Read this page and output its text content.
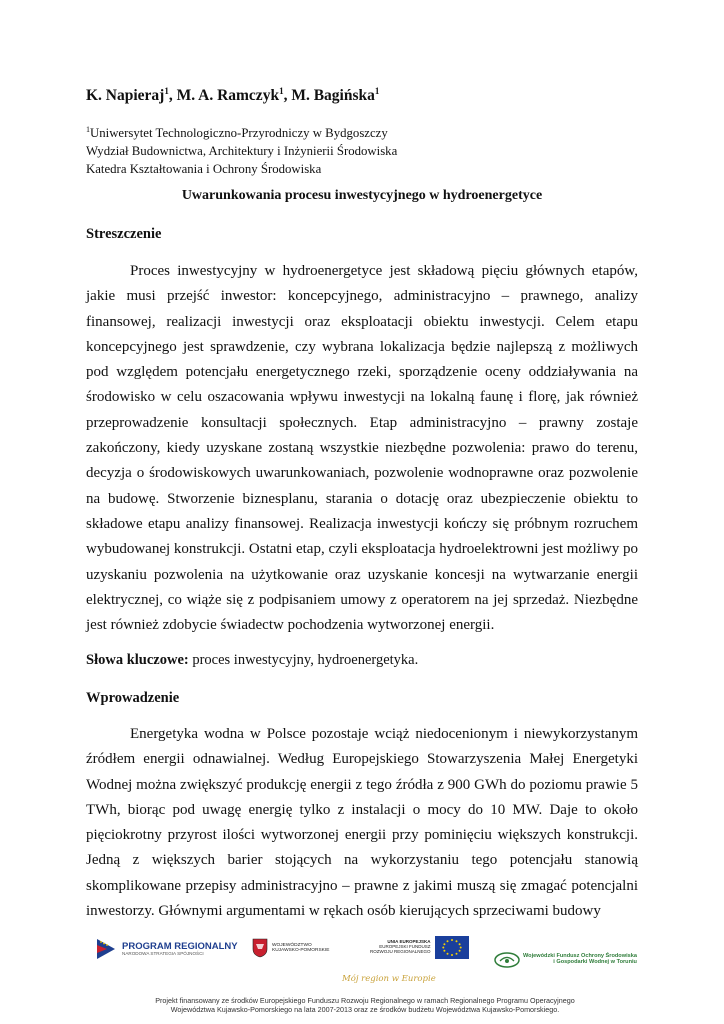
K. Napieraj$^1$, M. A. Ramczyk$^1$, M. Bagińska$^1$
$^1$Uniwersytet Technologiczno-Przyrodniczy w Bydgoszczy
Wydział Budownictwa, Architektury i Inżynierii Środowiska
Katedra Kształtowania i Ochrony Środowiska
Uwarunkowania procesu inwestycyjnego w hydroenergetyce
Streszczenie

Proces inwestycyjny w hydroenergetyce jest składową pięciu głównych etapów, jakie musi przejść inwestor: koncepcyjnego, administracyjno – prawnego, analizy finansowej, realizacji inwestycji oraz eksploatacji obiektu inwestycji. Celem etapu koncepcyjnego jest sprawdzenie, czy wybrana lokalizacja będzie najlepszą z możliwych pod względem potencjału energetycznego rzeki, sporządzenie oceny oddziaływania na środowisko w celu oszacowania wpływu inwestycji na lokalną faunę i florę, jak również przeprowadzenie konsultacji społecznych. Etap administracyjno – prawny zostaje zakończony, kiedy uzyskane zostaną wszystkie niezbędne pozwolenia: prawo do terenu, decyzja o środowiskowych uwarunkowaniach, pozwolenie wodnoprawne oraz pozwolenie na budowę. Stworzenie biznesplanu, starania o dotację oraz ubezpieczenie obiektu to składowe etapu analizy finansowej. Realizacja inwestycji kończy się próbnym rozruchem wybudowanej konstrukcji. Ostatni etap, czyli eksploatacja hydroelektrowni jest możliwy po uzyskaniu pozwolenia na użytkowanie oraz uzyskanie koncesji na wytwarzanie energii elektrycznej, co wiąże się z podpisaniem umowy z operatorem na jej sprzedaż. Niezbędne jest również zdobycie świadectw pochodzenia wytworzonej energii.

Słowa kluczowe: proces inwestycyjny, hydroenergetyka.
Wprowadzenie

Energetyka wodna w Polsce pozostaje wciąż niedocenionym i niewykorzystanym źródłem energii odnawialnej. Według Europejskiego Stowarzyszenia Małej Energetyki Wodnej można zwiększyć produkcję energii z tego źródła z 900 GWh do poziomu prawie 5 TWh, biorąc pod uwagę energię tylko z instalacji o mocy do 10 MW. Daje to około pięciokrotny przyrost ilości wytworzonej energii przy pominięciu większych konstrukcji. Jedną z większych barier stojących na wykorzystaniu tego potencjału stanowią skomplikowane przepisy administracyjno – prawne z jakimi muszą się zmagać potencjalni inwestorzy. Głównymi argumentami w rękach osób kierujących sprzeciwami budowy

PROGRAM REGIONALNY
NARODOWA STRATEGIA SPÓJNOŚCI
WOJEWÓDZTWO
KUJAWSKO-POMORSKIE
UNIA EUROPEJSKA
EUROPEJSKI FUNDUSZ
ROZWOJU REGIONALNEGO
Mój region w Europie
Wojewódzki Fundusz Ochrony Środowiska
i Gospodarki Wodnej w Toruniu
Projekt finansowany ze środków Europejskiego Funduszu Rozwoju Regionalnego w ramach Regionalnego Programu Operacyjnego
Województwa Kujawsko-Pomorskiego na lata 2007-2013 oraz ze środków budżetu Województwa Kujawsko-Pomorskiego.
